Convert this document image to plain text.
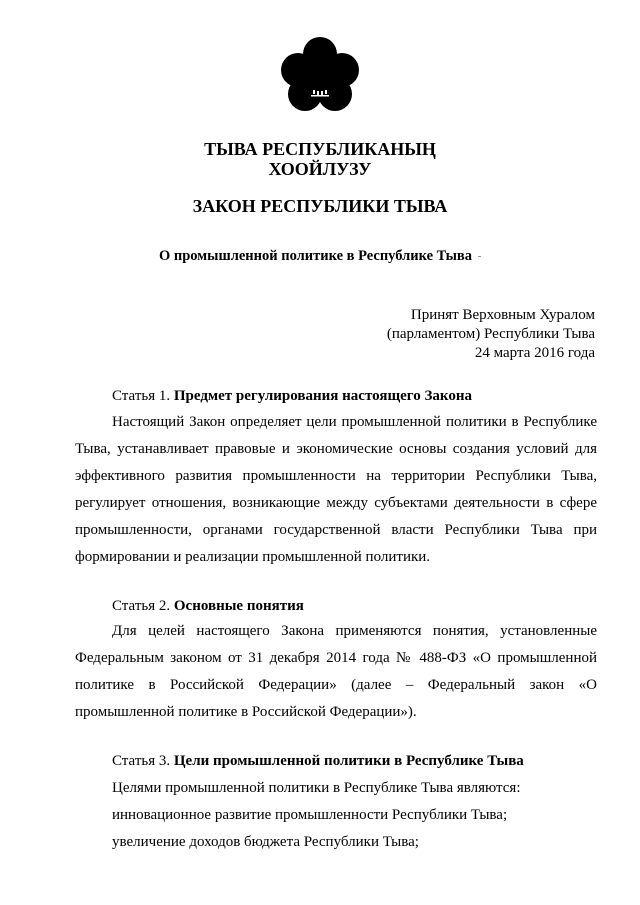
ТЫВА РЕСПУБЛИКАНЫҢ
ХООЙЛУЗУ
ЗАКОН РЕСПУБЛИКИ ТЫВА
О промышленной политике в Республике Тыва
Принят Верховным Хуралом
(парламентом) Республики Тыва
24 марта 2016 года
Статья 1. Предмет регулирования настоящего Закона

Настоящий Закон определяет цели промышленной политики в Республике Тыва, устанавливает правовые и экономические основы создания условий для эффективного развития промышленности на территории Республики Тыва, регулирует отношения, возникающие между субъектами деятельности в сфере промышленности, органами государственной власти Республики Тыва при формировании и реализации промышленной политики.

Статья 2. Основные понятия

Для целей настоящего Закона применяются понятия, установленные Федеральным законом от 31 декабря 2014 года № 488-ФЗ «О промышленной политике в Российской Федерации» (далее – Федеральный закон «О промышленной политике в Российской Федерации»).

Статья 3. Цели промышленной политики в Республике Тыва
Целями промышленной политики в Республике Тыва являются:
инновационное развитие промышленности Республики Тыва;
увеличение доходов бюджета Республики Тыва;
